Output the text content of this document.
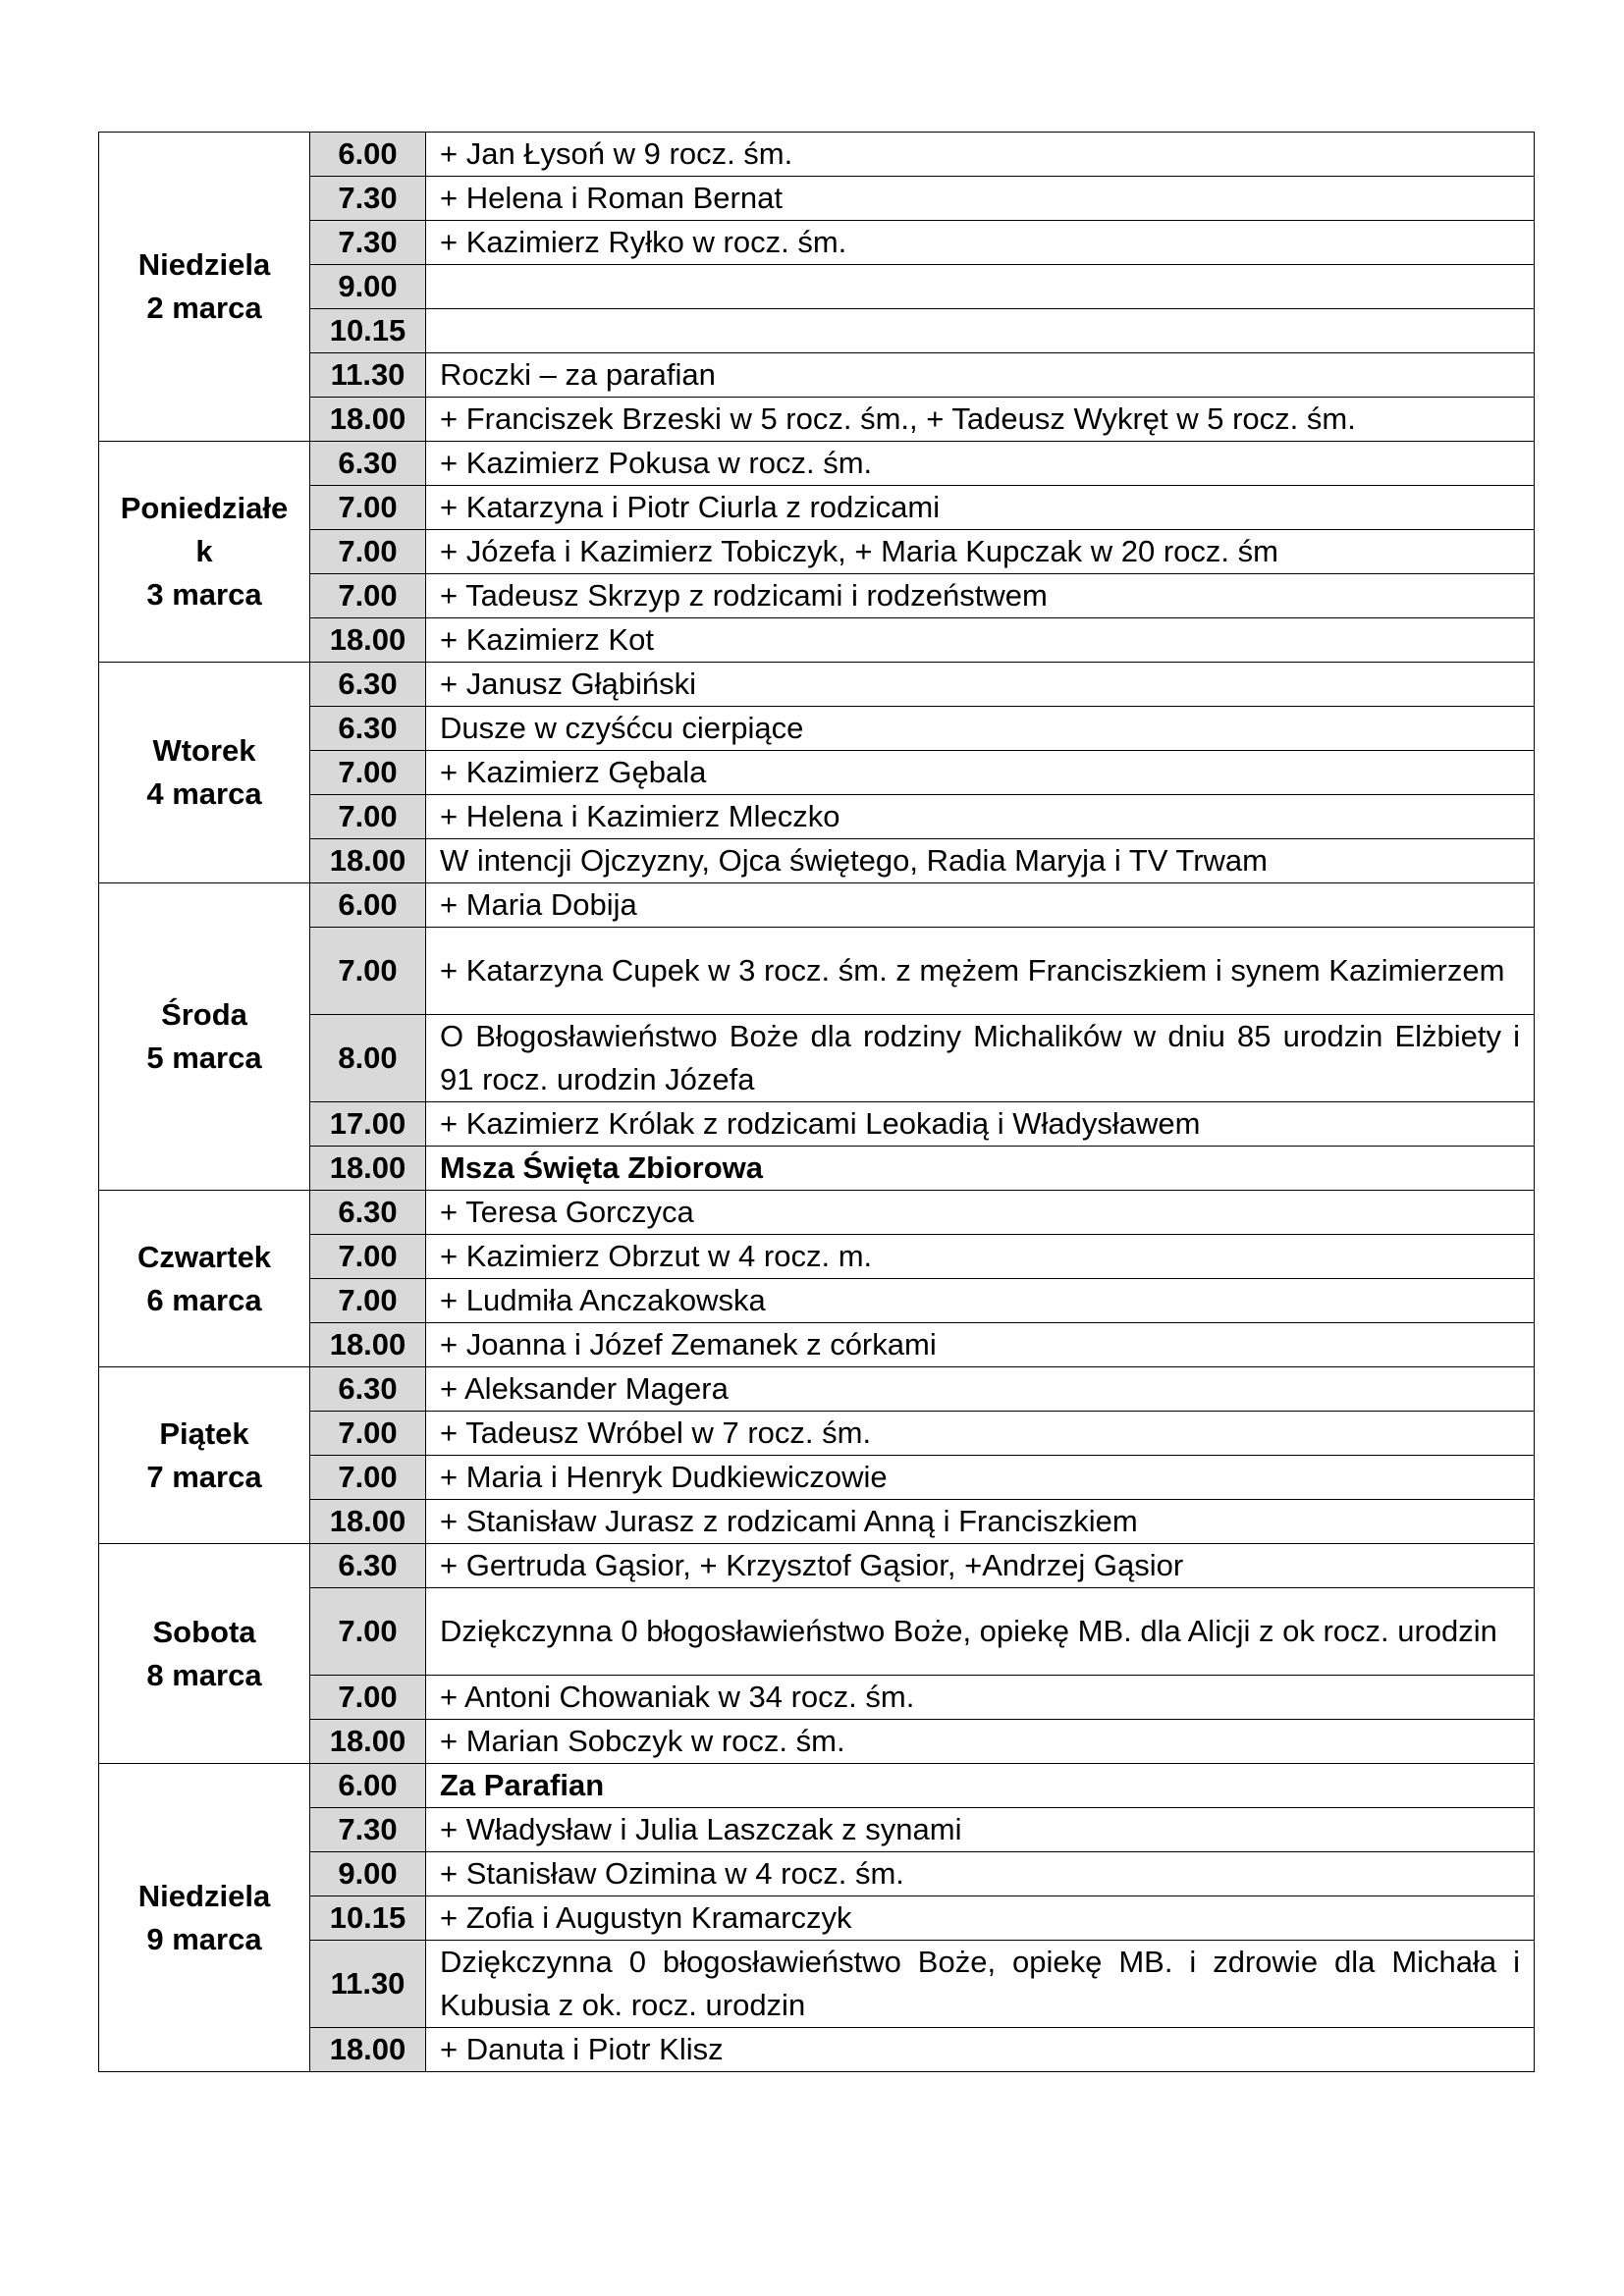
Niedziela
2 marca	6.00	+ Jan Łysoń w 9 rocz. śm.
	7.30	+ Helena i Roman Bernat
	7.30	+ Kazimierz Ryłko w rocz. śm.
	9.00	
	10.15	
	11.30	Roczki – za parafian
	18.00	+ Franciszek Brzeski w 5 rocz. śm., + Tadeusz Wykręt w 5 rocz. śm.

Poniedziałe
k
3 marca	6.30	+ Kazimierz Pokusa w rocz. śm.
	7.00	+ Katarzyna i Piotr Ciurla z rodzicami
	7.00	+ Józefa i Kazimierz Tobiczyk, + Maria Kupczak w 20 rocz. śm
	7.00	+ Tadeusz Skrzyp z rodzicami i rodzeństwem
	18.00	+ Kazimierz Kot

Wtorek
4 marca	6.30	+ Janusz Głąbiński
	6.30	Dusze w czyśćcu cierpiące
	7.00	+ Kazimierz Gębala
	7.00	+ Helena i Kazimierz Mleczko
	18.00	W intencji Ojczyzny, Ojca świętego, Radia Maryja i TV Trwam

Środa
5 marca	6.00	+ Maria Dobija
	7.00	+ Katarzyna Cupek w 3 rocz. śm. z mężem Franciszkiem i synem Kazimierzem
	8.00	O Błogosławieństwo Boże dla rodziny Michalików w dniu 85 urodzin Elżbiety i 91 rocz. urodzin Józefa
	17.00	+ Kazimierz Królak z rodzicami Leokadią i Władysławem
	18.00	Msza Święta Zbiorowa

Czwartek
6 marca	6.30	+ Teresa Gorczyca
	7.00	+ Kazimierz Obrzut w 4 rocz. m.
	7.00	+ Ludmiła Anczakowska
	18.00	+ Joanna i Józef Zemanek z córkami

Piątek
7 marca	6.30	+ Aleksander Magera
	7.00	+ Tadeusz Wróbel w 7 rocz. śm.
	7.00	+ Maria i Henryk Dudkiewiczowie
	18.00	+ Stanisław Jurasz z rodzicami Anną i Franciszkiem

Sobota
8 marca	6.30	+ Gertruda Gąsior, + Krzysztof Gąsior, +Andrzej Gąsior
	7.00	Dziękczynna 0 błogosławieństwo Boże, opiekę MB. dla Alicji z ok rocz. urodzin
	7.00	+ Antoni Chowaniak w 34 rocz. śm.
	18.00	+ Marian Sobczyk w rocz. śm.

Niedziela
9 marca	6.00	Za Parafian
	7.30	+ Władysław i Julia Laszczak z synami
	9.00	+ Stanisław Ozimina w 4 rocz. śm.
	10.15	+ Zofia i Augustyn Kramarczyk
	11.30	Dziękczynna 0 błogosławieństwo Boże, opiekę MB. i zdrowie dla Michała i Kubusia z ok. rocz. urodzin
	18.00	+ Danuta i Piotr Klisz
